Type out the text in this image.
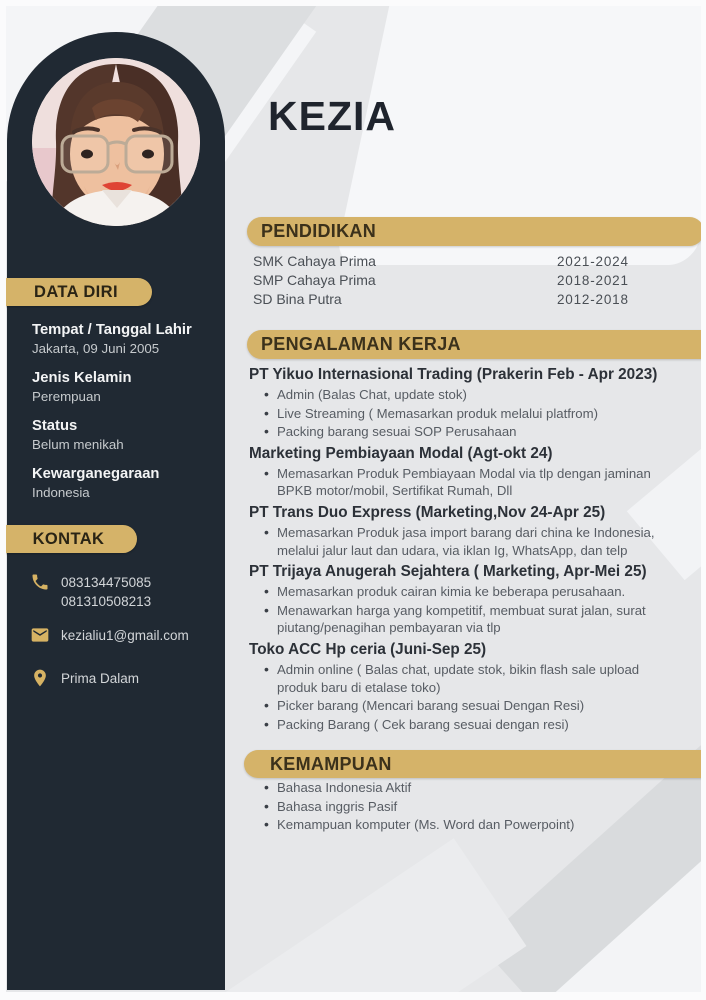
DATA DIRI
Tempat / Tanggal Lahir
Jakarta, 09 Juni 2005
Jenis Kelamin
Perempuan
Status
Belum menikah
Kewarganegaraan
Indonesia
KONTAK
083134475085
081310508213
kezialiu1@gmail.com
Prima Dalam
KEZIA
PENDIDIKAN
SMK Cahaya Prima	2021-2024
SMP Cahaya Prima	2018-2021
SD Bina Putra	2012-2018
PENGALAMAN KERJA
PT Yikuo Internasional Trading (Prakerin Feb - Apr 2023)
• Admin (Balas Chat, update stok)
• Live Streaming ( Memasarkan produk melalui platfrom)
• Packing barang sesuai SOP Perusahaan
Marketing Pembiayaan Modal (Agt-okt 24)
• Memasarkan Produk Pembiayaan Modal via tlp dengan jaminan BPKB motor/mobil, Sertifikat Rumah, Dll
PT Trans Duo Express (Marketing,Nov 24-Apr 25)
• Memasarkan Produk jasa import barang dari china ke Indonesia, melalui jalur laut dan udara, via iklan Ig, WhatsApp, dan telp
PT Trijaya Anugerah Sejahtera ( Marketing, Apr-Mei 25)
• Memasarkan produk cairan kimia ke beberapa perusahaan.
• Menawarkan harga yang kompetitif, membuat surat jalan, surat piutang/penagihan pembayaran via tlp
Toko ACC Hp ceria (Juni-Sep 25)
• Admin online ( Balas chat, update stok, bikin flash sale upload produk baru di etalase toko)
• Picker barang (Mencari barang sesuai Dengan Resi)
• Packing Barang ( Cek barang sesuai dengan resi)
KEMAMPUAN
• Bahasa Indonesia Aktif
• Bahasa inggris Pasif
• Kemampuan komputer (Ms. Word dan Powerpoint)
